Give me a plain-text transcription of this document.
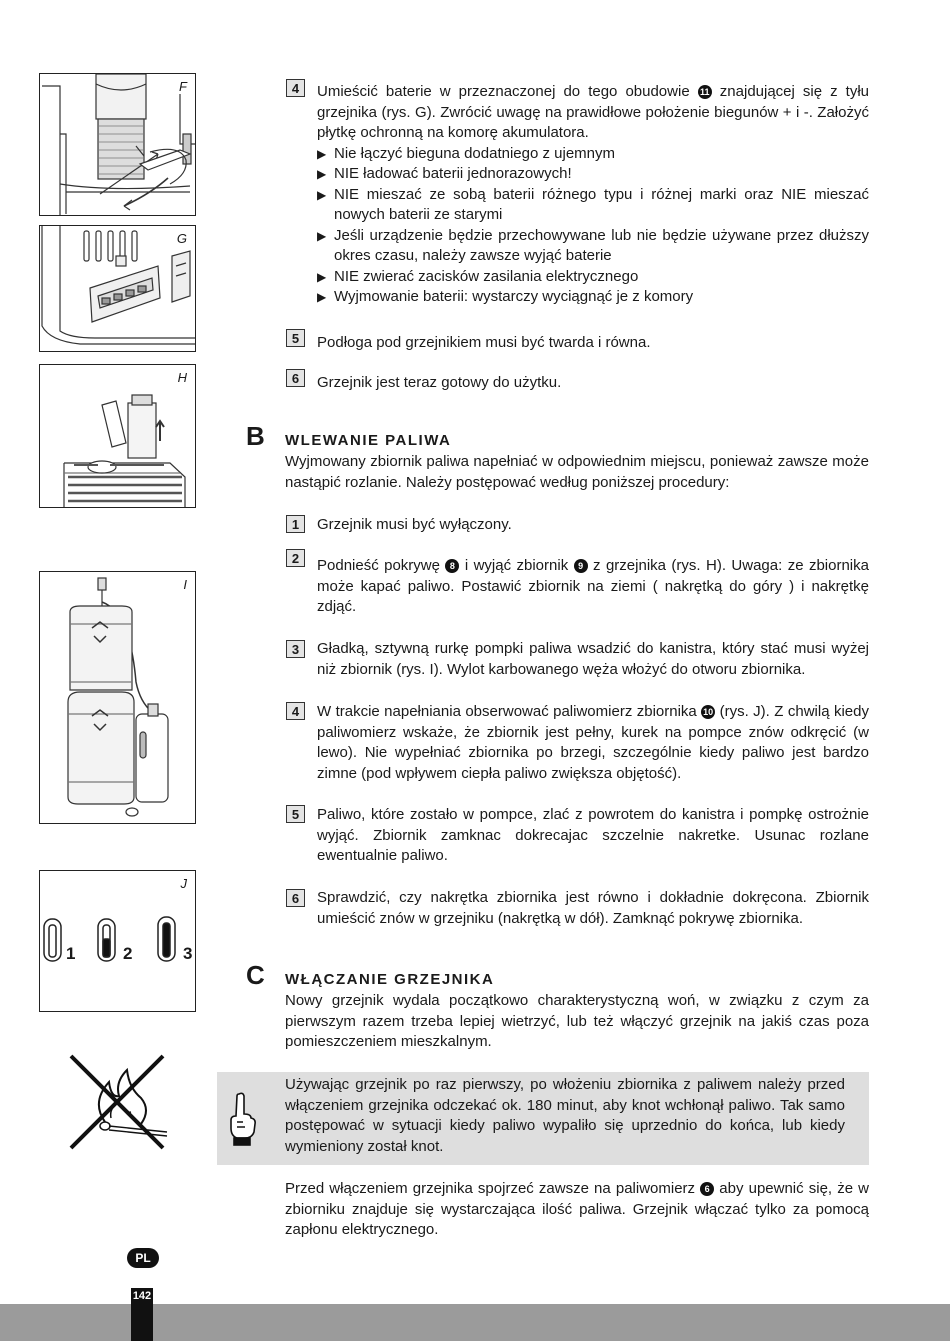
F
G
H
I
J
1	2	3
4	Umieścić baterie w przeznaczonej do tego obudowie 11 znajdującej się z tyłu grzejnika (rys. G). Zwrócić uwagę na prawidłowe położenie biegunów + i -. Założyć płytkę ochronną na komorę akumulatora.

▶ Nie łączyć bieguna dodatniego z ujemnym
▶ NIE ładować baterii jednorazowych!
▶ NIE mieszać ze sobą baterii różnego typu i różnej marki oraz NIE mieszać nowych baterii ze starymi
▶ Jeśli urządzenie będzie przechowywane lub nie będzie używane przez dłuższy okres czasu, należy zawsze wyjąć baterie
▶ NIE zwierać zacisków zasilania elektrycznego
▶ Wyjmowanie baterii: wystarczy wyciągnąć je z komory
5	Podłoga pod grzejnikiem musi być twarda i równa.
6	Grzejnik jest teraz gotowy do użytku.
B WLEWANIE PALIWA
Wyjmowany zbiornik paliwa napełniać w odpowiednim miejscu, ponieważ zawsze może nastąpić rozlanie. Należy postępować według poniższej procedury:
1	Grzejnik musi być wyłączony.
2	Podnieść pokrywę 8 i wyjąć zbiornik 9 z grzejnika (rys. H). Uwaga: ze zbiornika może kapać paliwo. Postawić zbiornik na ziemi ( nakrętką do góry ) i nakrętkę zdjąć.
3	Gładką, sztywną rurkę pompki paliwa wsadzić do kanistra, który stać musi wyżej niż zbiornik (rys. I). Wylot karbowanego węża włożyć do otworu zbiornika.
4	W trakcie napełniania obserwować paliwomierz zbiornika 10 (rys. J). Z chwilą kiedy paliwomierz wskaże, że zbiornik jest pełny, kurek na pompce znów odkręcić (w lewo). Nie wypełniać zbiornika po brzegi, szczególnie kiedy paliwo jest bardzo zimne (pod wpływem ciepła paliwo zwiększa objętość).
5	Paliwo, które zostało w pompce, zlać z powrotem do kanistra i pompkę ostrożnie wyjąć. Zbiornik zamknac dokrecajac szczelnie nakretke. Usunac rozlane ewentualnie paliwo.
6	Sprawdzić, czy nakrętka zbiornika jest równo i dokładnie dokręcona. Zbiornik umieścić znów w grzejniku (nakrętką w dół). Zamknąć pokrywę zbiornika.
C WŁĄCZANIE GRZEJNIKA
Nowy grzejnik wydala początkowo charakterystyczną woń, w związku z czym za pierwszym razem trzeba lepiej wietrzyć, lub też włączyć grzejnik na jakiś czas poza pomieszczeniem mieszkalnym.
Używając grzejnik po raz pierwszy, po włożeniu zbiornika z paliwem należy przed włączeniem grzejnika odczekać ok. 180 minut, aby knot wchłonął paliwo. Tak samo postępować w sytuacji kiedy paliwo wypaliło się uprzednio do końca, lub kiedy wymieniony został knot.
Przed włączeniem grzejnika spojrzeć zawsze na paliwomierz 6 aby upewnić się, że w zbiorniku znajduje się wystarczająca ilość paliwa. Grzejnik włączać tylko za pomocą zapłonu elektrycznego.
PL
142
